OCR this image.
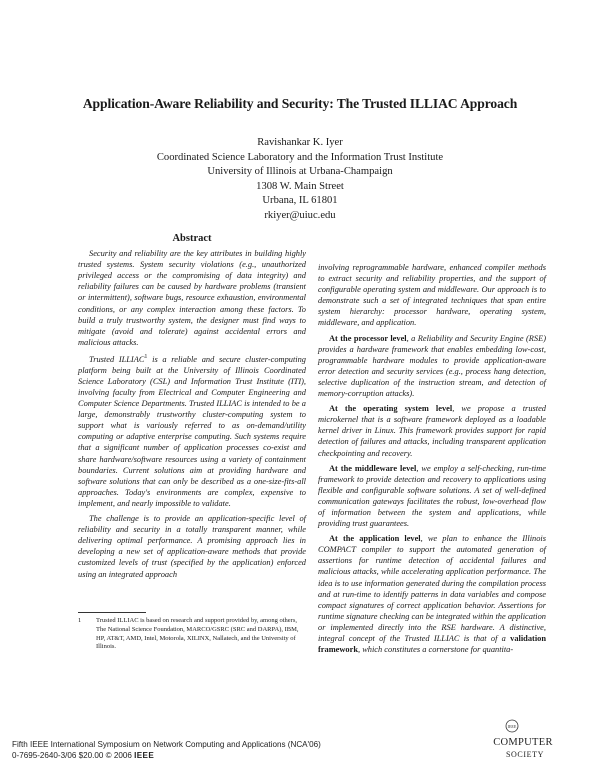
Application-Aware Reliability and Security: The Trusted ILLIAC Approach
Ravishankar K. Iyer
Coordinated Science Laboratory and the Information Trust Institute
University of Illinois at Urbana-Champaign
1308 W. Main Street
Urbana, IL 61801
rkiyer@uiuc.edu

Abstract

Security and reliability are the key attributes in building highly trusted systems. System security violations (e.g., unauthorized privileged access or the compromising of data integrity) and reliability failures can be caused by hardware problems (transient or intermittent), software bugs, resource exhaustion, environmental conditions, or any complex interaction among these factors. To build a truly trustworthy system, the designer must find ways to mitigate (avoid and tolerate) against accidental errors and malicious attacks.

Trusted ILLIAC$^1$ is a reliable and secure cluster-computing platform being built at the University of Illinois Coordinated Science Laboratory (CSL) and Information Trust Institute (ITI), involving faculty from Electrical and Computer Engineering and Computer Science Departments. Trusted ILLIAC is intended to be a large, demonstrably trustworthy cluster-computing system to support what is variously referred to as on-demand/utility computing or adaptive enterprise computing. Such systems require that a significant number of application processes co-exist and share hardware/software resources using a variety of containment boundaries. Current solutions aim at providing hardware and software solutions that can only be described as a one-size-fits-all approaches. Today's environments are complex, expensive to implement, and nearly impossible to validate.

The challenge is to provide an application-specific level of reliability and security in a totally transparent manner, while delivering optimal performance. A promising approach lies in developing a new set of application-aware methods that provide customized levels of trust (specified by the application) enforced using an integrated approach

1	Trusted ILLIAC is based on research and support provided by, among others, The National Science Foundation, MARCO/GSRC (SRC and DARPA), IBM, HP, AT&T, AMD, Intel, Motorola, XILINX, Nallatech, and the University of Illinois.

involving reprogrammable hardware, enhanced compiler methods to extract security and reliability properties, and the support of configurable operating system and middleware. Our approach is to demonstrate such a set of integrated techniques that span entire system hierarchy: processor hardware, operating system, middleware, and application.

At the processor level, a Reliability and Security Engine (RSE) provides a hardware framework that enables embedding low-cost, programmable hardware modules to provide application-aware error detection and security services (e.g., process hang detection, selective duplication of the instruction stream, and detection of memory-corruption attacks).

At the operating system level, we propose a trusted microkernel that is a software framework deployed as a loadable kernel driver in Linux. This framework provides support for rapid detection of failures and attacks, including transparent application checkpointing and recovery.

At the middleware level, we employ a self-checking, run-time framework to provide detection and recovery to applications using flexible and configurable software solutions. A set of well-defined communication gateways facilitates the robust, low-overhead flow of information between the system and applications, while providing trust guarantees.

At the application level, we plan to enhance the Illinois COMPACT compiler to support the automated generation of assertions for runtime detection of accidental failures and malicious attacks, while accelerating application performance. The idea is to use information generated during the compilation process and at run-time to identify patterns in data variables and compose compact signatures of correct application behavior. Assertions for runtime signature checking can be integrated within the application or implemented directly into the RSE hardware. A distinctive, integral concept of the Trusted ILLIAC is that of a validation framework, which constitutes a cornerstone for quantita-

Fifth IEEE International Symposium on Network Computing and Applications (NCA'06)
0-7695-2640-3/06 $20.00 © 2006 IEEE
IEEE
COMPUTER
SOCIETY
